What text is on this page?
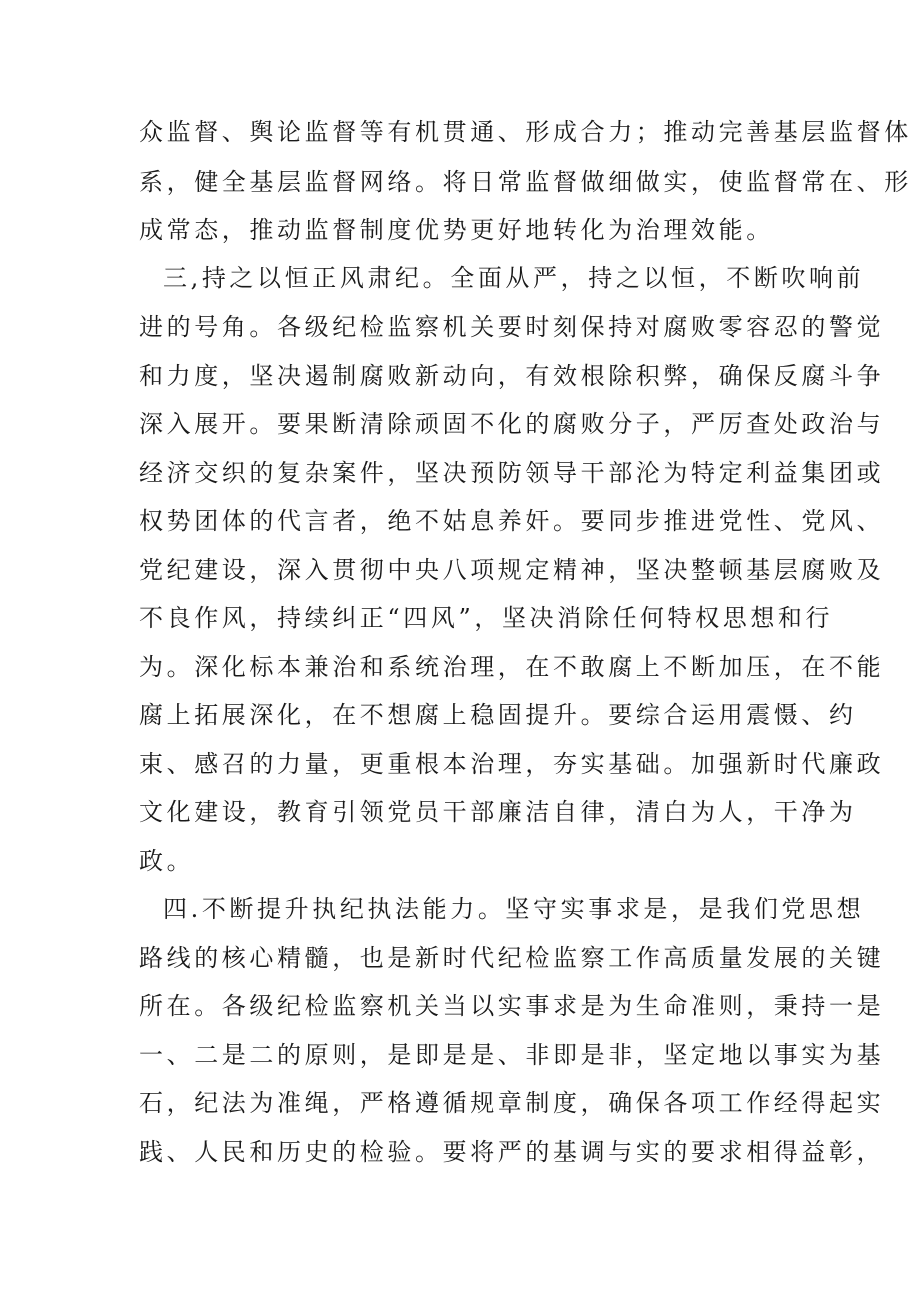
众监督、舆论监督等有机贯通、形成合力；推动完善基层监督体
系，健全基层监督网络。将日常监督做细做实，使监督常在、形
成常态，推动监督制度优势更好地转化为治理效能。
三,持之以恒正风肃纪。全面从严，持之以恒，不断吹响前
进的号角。各级纪检监察机关要时刻保持对腐败零容忍的警觉
和力度，坚决遏制腐败新动向，有效根除积弊，确保反腐斗争
深入展开。要果断清除顽固不化的腐败分子，严厉查处政治与
经济交织的复杂案件，坚决预防领导干部沦为特定利益集团或
权势团体的代言者，绝不姑息养奸。要同步推进党性、党风、
党纪建设，深入贯彻中央八项规定精神，坚决整顿基层腐败及
不良作风，持续纠正“四风”，坚决消除任何特权思想和行
为。深化标本兼治和系统治理，在不敢腐上不断加压，在不能
腐上拓展深化，在不想腐上稳固提升。要综合运用震慑、约
束、感召的力量，更重根本治理，夯实基础。加强新时代廉政
文化建设，教育引领党员干部廉洁自律，清白为人，干净为
政。
四.不断提升执纪执法能力。坚守实事求是，是我们党思想
路线的核心精髓，也是新时代纪检监察工作高质量发展的关键
所在。各级纪检监察机关当以实事求是为生命准则，秉持一是
一、二是二的原则，是即是是、非即是非，坚定地以事实为基
石，纪法为准绳，严格遵循规章制度，确保各项工作经得起实
践、人民和历史的检验。要将严的基调与实的要求相得益彰，
